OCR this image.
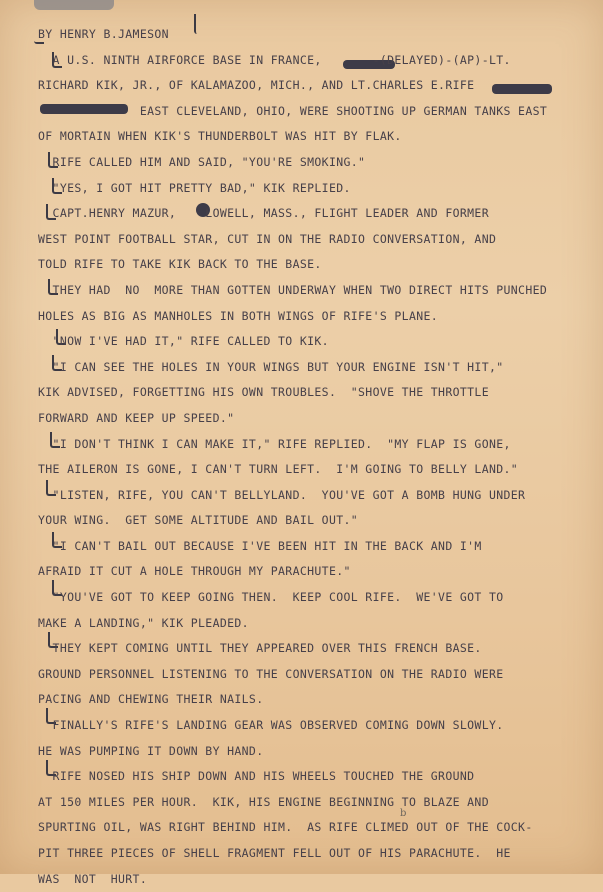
b
BY HENRY B.JAMESON
A U.S. NINTH AIRFORCE BASE IN FRANCE,       -(DELAYED)-(AP)-LT.
RICHARD KIK, JR., OF KALAMAZOO, MICH., AND LT.CHARLES E.RIFE
EAST CLEVELAND, OHIO, WERE SHOOTING UP GERMAN TANKS EAST
OF MORTAIN WHEN KIK'S THUNDERBOLT WAS HIT BY FLAK.
RIFE CALLED HIM AND SAID, "YOU'RE SMOKING."
"YES, I GOT HIT PRETTY BAD," KIK REPLIED.
CAPT.HENRY MAZUR,    LOWELL, MASS., FLIGHT LEADER AND FORMER
WEST POINT FOOTBALL STAR, CUT IN ON THE RADIO CONVERSATION, AND
TOLD RIFE TO TAKE KIK BACK TO THE BASE.
THEY HAD  NO  MORE THAN GOTTEN UNDERWAY WHEN TWO DIRECT HITS PUNCHED
HOLES AS BIG AS MANHOLES IN BOTH WINGS OF RIFE'S PLANE.
"NOW I'VE HAD IT," RIFE CALLED TO KIK.
"I CAN SEE THE HOLES IN YOUR WINGS BUT YOUR ENGINE ISN'T HIT,"
KIK ADVISED, FORGETTING HIS OWN TROUBLES.  "SHOVE THE THROTTLE
FORWARD AND KEEP UP SPEED."
"I DON'T THINK I CAN MAKE IT," RIFE REPLIED.  "MY FLAP IS GONE,
THE AILERON IS GONE, I CAN'T TURN LEFT.  I'M GOING TO BELLY LAND."
"LISTEN, RIFE, YOU CAN'T BELLYLAND.  YOU'VE GOT A BOMB HUNG UNDER
YOUR WING.  GET SOME ALTITUDE AND BAIL OUT."
"I CAN'T BAIL OUT BECAUSE I'VE BEEN HIT IN THE BACK AND I'M
AFRAID IT CUT A HOLE THROUGH MY PARACHUTE."
"YOU'VE GOT TO KEEP GOING THEN.  KEEP COOL RIFE.  WE'VE GOT TO
MAKE A LANDING," KIK PLEADED.
THEY KEPT COMING UNTIL THEY APPEARED OVER THIS FRENCH BASE.
GROUND PERSONNEL LISTENING TO THE CONVERSATION ON THE RADIO WERE
PACING AND CHEWING THEIR NAILS.
FINALLY'S RIFE'S LANDING GEAR WAS OBSERVED COMING DOWN SLOWLY.
HE WAS PUMPING IT DOWN BY HAND.
RIFE NOSED HIS SHIP DOWN AND HIS WHEELS TOUCHED THE GROUND
AT 150 MILES PER HOUR.  KIK, HIS ENGINE BEGINNING TO BLAZE AND
SPURTING OIL, WAS RIGHT BEHIND HIM.  AS RIFE CLIMED OUT OF THE COCK-
PIT THREE PIECES OF SHELL FRAGMENT FELL OUT OF HIS PARACHUTE.  HE
WAS  NOT  HURT.
